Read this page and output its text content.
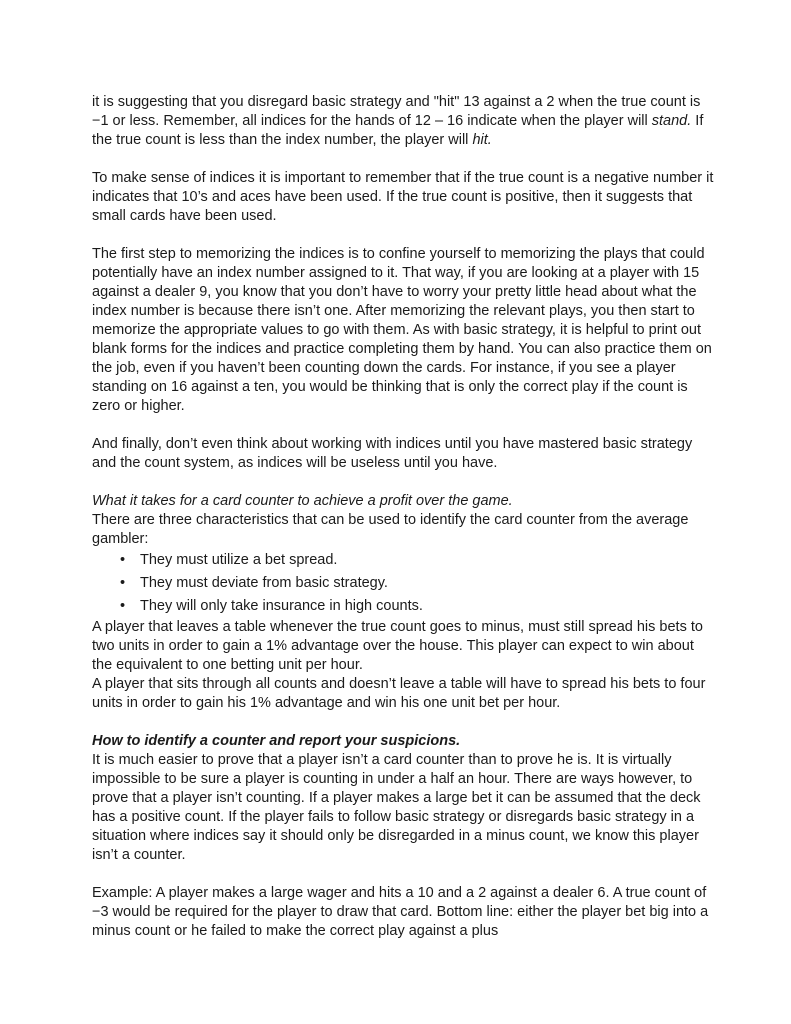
it is suggesting that you disregard basic strategy and "hit" 13 against a 2 when the true count is −1 or less. Remember, all indices for the hands of 12 – 16 indicate when the player will stand. If the true count is less than the index number, the player will hit.

To make sense of indices it is important to remember that if the true count is a negative number it indicates that 10’s and aces have been used. If the true count is positive, then it suggests that small cards have been used.

The first step to memorizing the indices is to confine yourself to memorizing the plays that could potentially have an index number assigned to it. That way, if you are looking at a player with 15 against a dealer 9, you know that you don’t have to worry your pretty little head about what the index number is because there isn’t one. After memorizing the relevant plays, you then start to memorize the appropriate values to go with them. As with basic strategy, it is helpful to print out blank forms for the indices and practice completing them by hand. You can also practice them on the job, even if you haven’t been counting down the cards. For instance, if you see a player standing on 16 against a ten, you would be thinking that is only the correct play if the count is zero or higher.

And finally, don’t even think about working with indices until you have mastered basic strategy and the count system, as indices will be useless until you have.

What it takes for a card counter to achieve a profit over the game.

There are three characteristics that can be used to identify the card counter from the average gambler:

• They must utilize a bet spread.
• They must deviate from basic strategy.
• They will only take insurance in high counts.

A player that leaves a table whenever the true count goes to minus, must still spread his bets to two units in order to gain a 1% advantage over the house. This player can expect to win about the equivalent to one betting unit per hour.

A player that sits through all counts and doesn’t leave a table will have to spread his bets to four units in order to gain his 1% advantage and win his one unit bet per hour.

How to identify a counter and report your suspicions.

It is much easier to prove that a player isn’t a card counter than to prove he is. It is virtually impossible to be sure a player is counting in under a half an hour. There are ways however, to prove that a player isn’t counting. If a player makes a large bet it can be assumed that the deck has a positive count. If the player fails to follow basic strategy or disregards basic strategy in a situation where indices say it should only be disregarded in a minus count, we know this player isn’t a counter.

Example: A player makes a large wager and hits a 10 and a 2 against a dealer 6. A true count of −3 would be required for the player to draw that card. Bottom line: either the player bet big into a minus count or he failed to make the correct play against a plus
